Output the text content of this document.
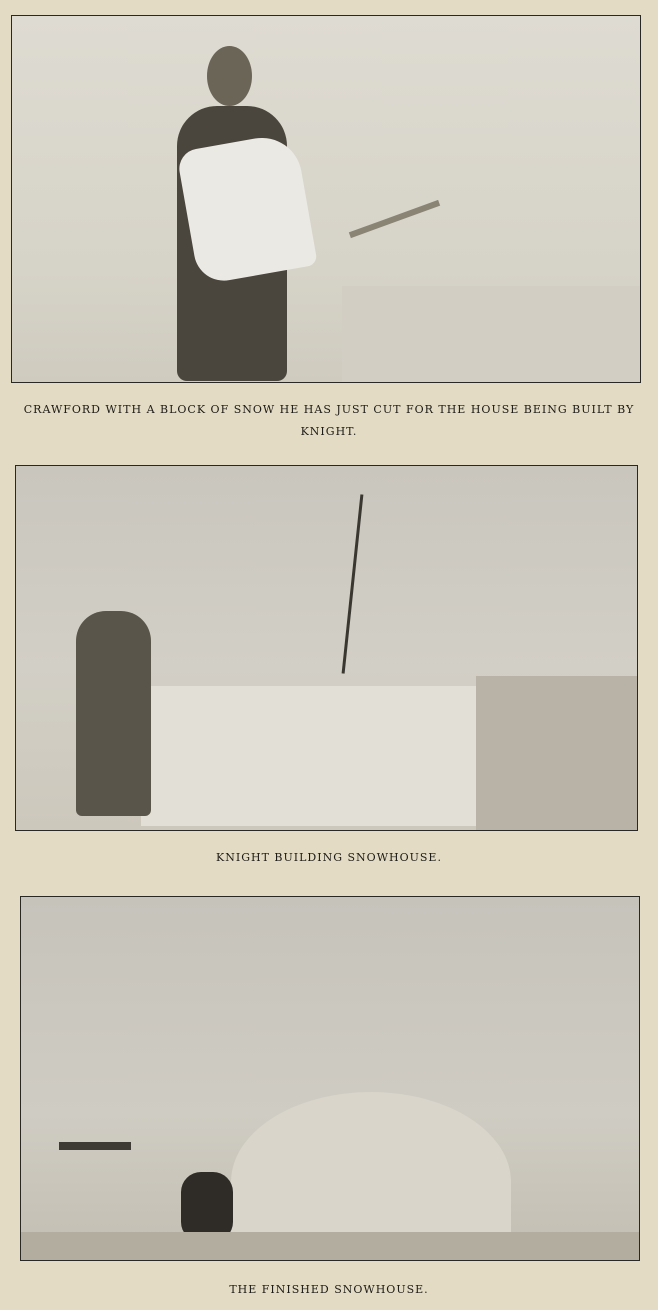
CRAWFORD WITH A BLOCK OF SNOW HE HAS JUST CUT FOR THE HOUSE BEING BUILT BY KNIGHT.
KNIGHT BUILDING SNOWHOUSE.
THE FINISHED SNOWHOUSE.
